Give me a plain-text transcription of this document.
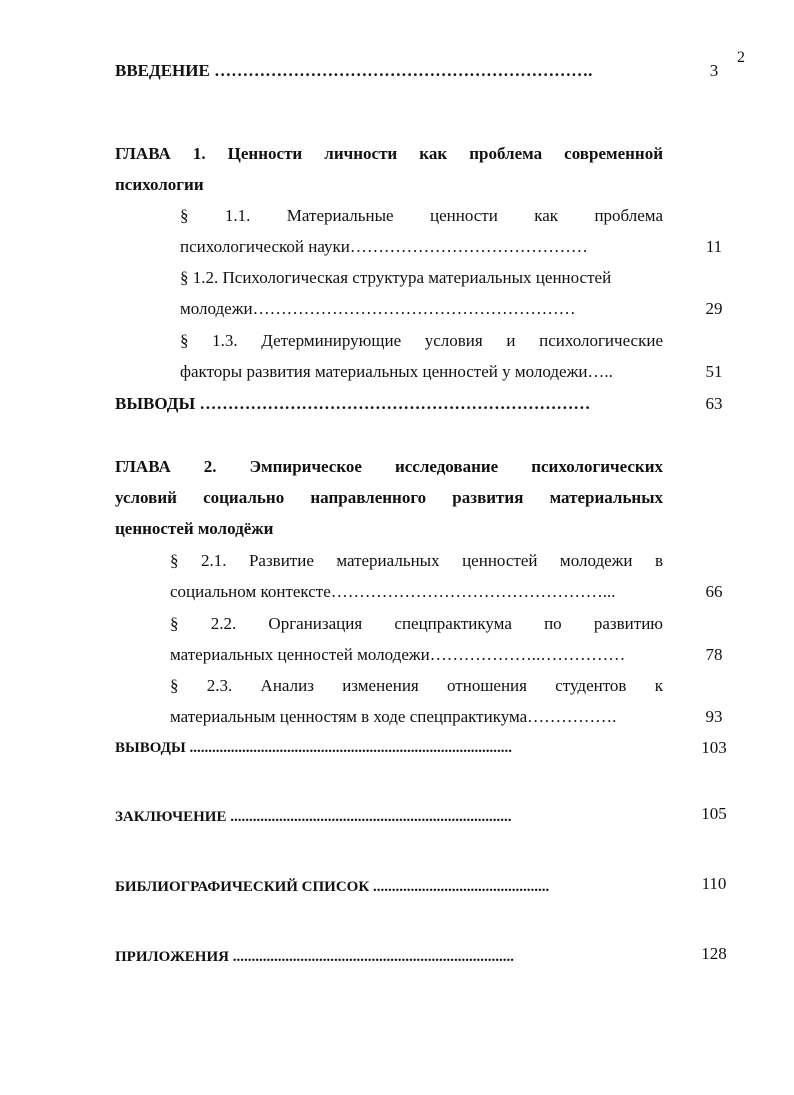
2
ВВЕДЕНИЕ ………………………………………………………….	3
ГЛАВА 1. Ценности личности как проблема современной
психологии
§ 1.1. Материальные ценности как проблема
психологической науки……………………………………	11
§ 1.2. Психологическая структура материальных ценностей
молодежи…………………………………………………	29
§ 1.3. Детерминирующие условия и психологические
факторы развития материальных ценностей у молодежи…..	51
ВЫВОДЫ ……………………………………………………………	63
ГЛАВА 2. Эмпирическое исследование психологических
условий социально направленного развития материальных
ценностей молодёжи
§ 2.1. Развитие материальных ценностей молодежи в
социальном контексте…………………………………………...	66
§ 2.2. Организация спецпрактикума по развитию
материальных ценностей молодежи………………..……………	78
§ 2.3. Анализ изменения отношения студентов к
материальным ценностям в ходе спецпрактикума…………….	93
ВЫВОДЫ ......................................................................................	103
ЗАКЛЮЧЕНИЕ ...........................................................................	105
БИБЛИОГРАФИЧЕСКИЙ СПИСОК ...............................................	110
ПРИЛОЖЕНИЯ ...........................................................................	128
